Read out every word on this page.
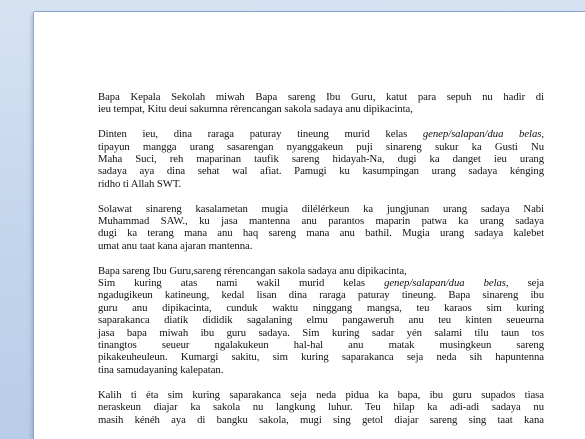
Bapa Kepala Sekolah miwah Bapa sareng Ibu Guru, katut para sepuh nu hadir di
ieu tempat, Kitu deui sakumna rérencangan sakola sadaya anu dipikacinta,
Dinten ieu, dina raraga paturay tineung murid kelas genep/salapan/dua belas,
tipayun mangga urang sasarengan nyanggakeun puji sinareng sukur ka Gusti Nu
Maha Suci, reh maparinan taufik sareng hidayah-Na, dugi ka danget ieu urang
sadaya aya dina sehat wal afiat. Pamugi ku kasumpingan urang sadaya kénging
ridho ti Allah SWT.
Solawat sinareng kasalametan mugia dilélérkeun ka jungjunan urang sadaya Nabi
Muhammad SAW., ku jasa mantenna anu parantos maparin patwa ka urang sadaya
dugi ka terang mana anu haq sareng mana anu bathil. Mugia urang sadaya kalebet
umat anu taat kana ajaran mantenna.
Bapa sareng Ibu Guru,sareng rérencangan sakola sadaya anu dipikacinta,
Sim kuring atas nami wakil murid kelas genep/salapan/dua belas, seja
ngadugikeun katineung, kedal lisan dina raraga paturay tineung. Bapa sinareng ibu
guru anu dipikacinta, cunduk waktu ninggang mangsa, teu karaos sim kuring
saparakanca diatik dididik sagalaning elmu pangaweruh anu teu kinten seueurna
jasa bapa miwah ibu guru sadaya. Sim kuring sadar yén salami tilu taun tos
tinangtos seueur ngalakukeun hal-hal anu matak musingkeun sareng
pikakeuheuleun. Kumargi sakitu, sim kuring saparakanca seja neda sih hapuntenna
tina samudayaning kalepatan.
Kalih ti éta sim kuring saparakanca seja neda pidua ka bapa, ibu guru supados tiasa
neraskeun diajar ka sakola nu langkung luhur. Teu hilap ka adi-adi sadaya nu
masih kénéh aya di bangku sakola, mugi sing getol diajar sareng sing taat kana
